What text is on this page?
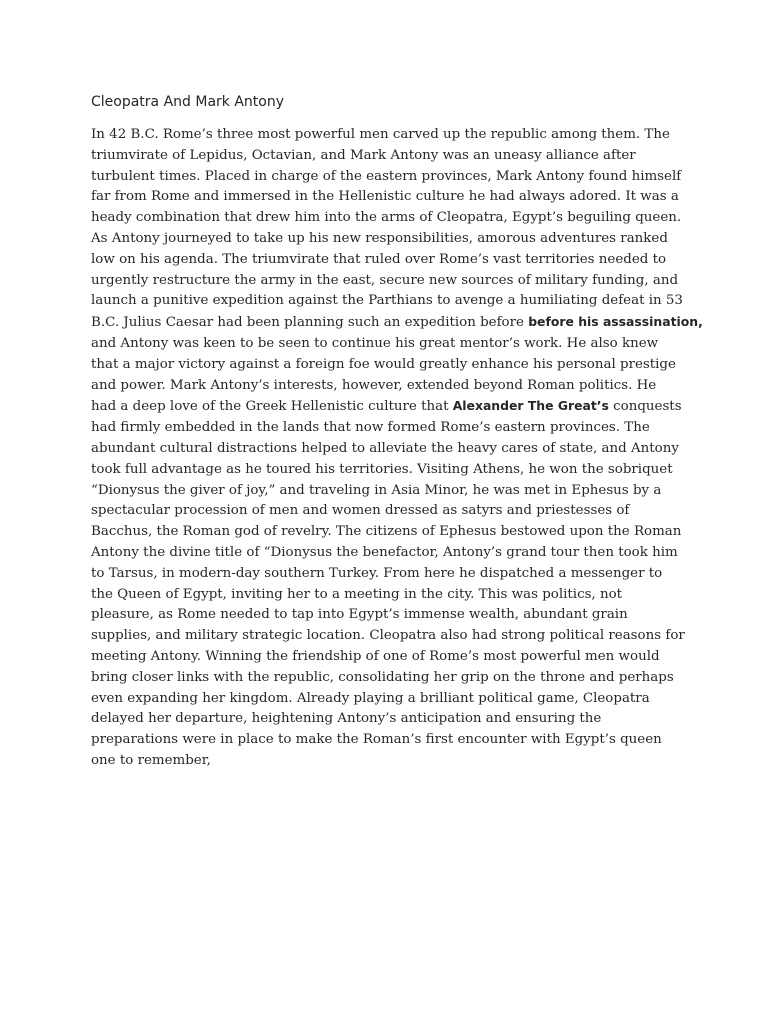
Cleopatra And Mark Antony

In 42 B.C. Rome’s three most powerful men carved up the republic among them. The
triumvirate of Lepidus, Octavian, and Mark Antony was an uneasy alliance after
turbulent times. Placed in charge of the eastern provinces, Mark Antony found himself
far from Rome and immersed in the Hellenistic culture he had always adored. It was a
heady combination that drew him into the arms of Cleopatra, Egypt’s beguiling queen.
As Antony journeyed to take up his new responsibilities, amorous adventures ranked
low on his agenda. The triumvirate that ruled over Rome’s vast territories needed to
urgently restructure the army in the east, secure new sources of military funding, and
launch a punitive expedition against the Parthians to avenge a humiliating defeat in 53
B.C. Julius Caesar had been planning such an expedition before before his assassination,
and Antony was keen to be seen to continue his great mentor’s work. He also knew
that a major victory against a foreign foe would greatly enhance his personal prestige
and power. Mark Antony’s interests, however, extended beyond Roman politics. He
had a deep love of the Greek Hellenistic culture that Alexander The Great’s conquests
had firmly embedded in the lands that now formed Rome’s eastern provinces. The
abundant cultural distractions helped to alleviate the heavy cares of state, and Antony
took full advantage as he toured his territories. Visiting Athens, he won the sobriquet
“Dionysus the giver of joy,” and traveling in Asia Minor, he was met in Ephesus by a
spectacular procession of men and women dressed as satyrs and priestesses of
Bacchus, the Roman god of revelry. The citizens of Ephesus bestowed upon the Roman
Antony the divine title of “Dionysus the benefactor, Antony’s grand tour then took him
to Tarsus, in modern-day southern Turkey. From here he dispatched a messenger to
the Queen of Egypt, inviting her to a meeting in the city. This was politics, not
pleasure, as Rome needed to tap into Egypt’s immense wealth, abundant grain
supplies, and military strategic location. Cleopatra also had strong political reasons for
meeting Antony. Winning the friendship of one of Rome’s most powerful men would
bring closer links with the republic, consolidating her grip on the throne and perhaps
even expanding her kingdom. Already playing a brilliant political game, Cleopatra
delayed her departure, heightening Antony’s anticipation and ensuring the
preparations were in place to make the Roman’s first encounter with Egypt’s queen
one to remember,
